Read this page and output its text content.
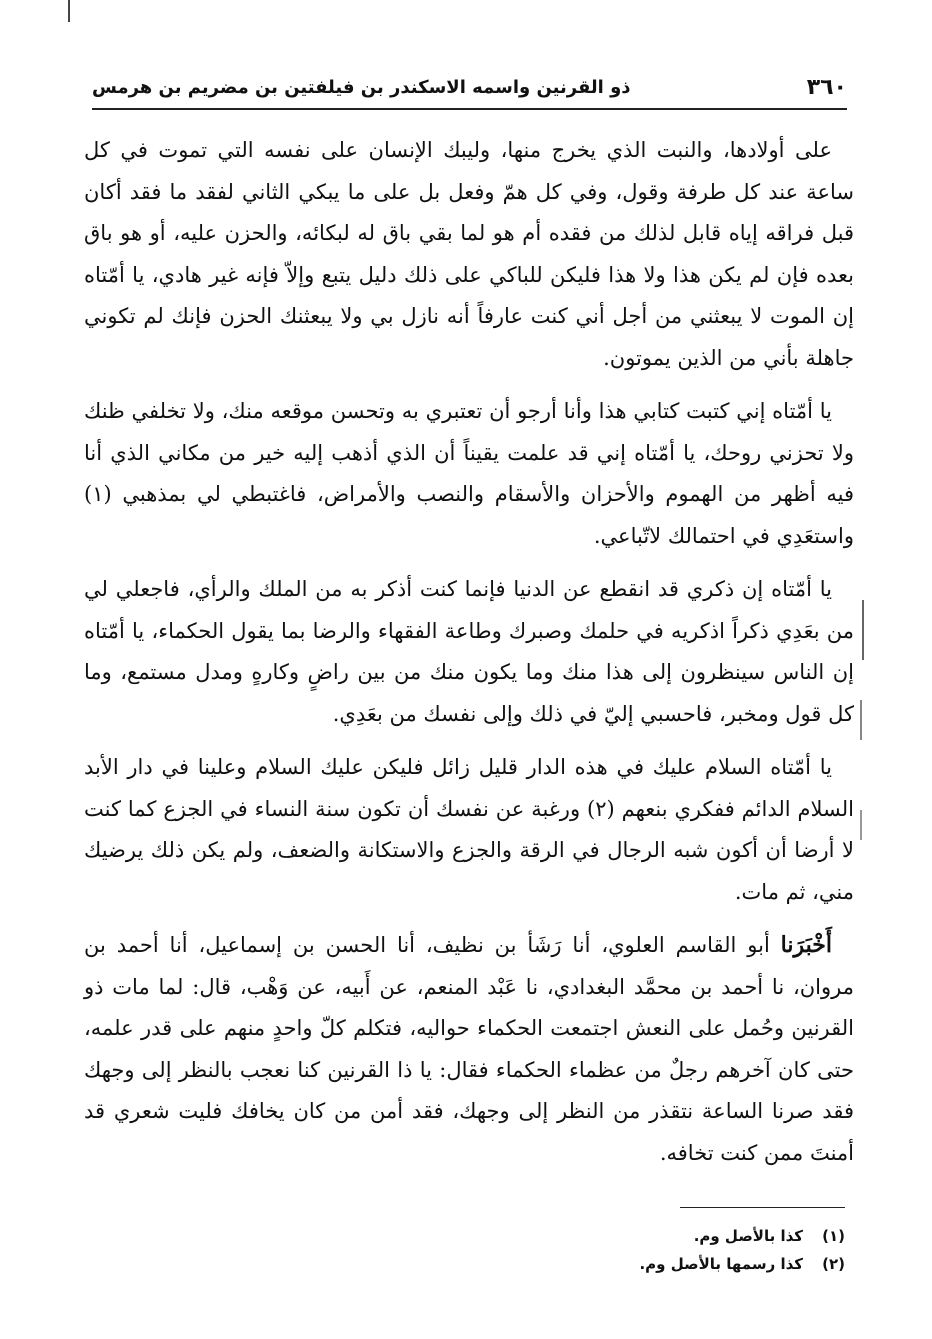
٣٦٠
ذو القرنين واسمه الاسكندر بن فيلفتين بن مضريم بن هرمس

على أولادها، والنبت الذي يخرج منها، وليبك الإنسان على نفسه التي تموت في كل ساعة عند كل طرفة وقول، وفي كل همّ وفعل بل على ما يبكي الثاني لفقد ما فقد أكان قبل فراقه إياه قابل لذلك من فقده أم هو لما بقي باق له لبكائه، والحزن عليه، أو هو باق بعده فإن لم يكن هذا ولا هذا فليكن للباكي على ذلك دليل يتبع وإلاّ فإنه غير هادي، يا أمّتاه إن الموت لا يبعثني من أجل أني كنت عارفاً أنه نازل بي ولا يبعثنك الحزن فإنك لم تكوني جاهلة بأني من الذين يموتون.

يا أمّتاه إني كتبت كتابي هذا وأنا أرجو أن تعتبري به وتحسن موقعه منك، ولا تخلفي ظنك ولا تحزني روحك، يا أمّتاه إني قد علمت يقيناً أن الذي أذهب إليه خير من مكاني الذي أنا فيه أظهر من الهموم والأحزان والأسقام والنصب والأمراض، فاغتبطي لي بمذهبي (١) واستعَدِي في احتمالك لاتّباعي.

يا أمّتاه إن ذكري قد انقطع عن الدنيا فإنما كنت أذكر به من الملك والرأي، فاجعلي لي من بعَدِي ذكراً اذكريه في حلمك وصبرك وطاعة الفقهاء والرضا بما يقول الحكماء، يا أمّتاه إن الناس سينظرون إلى هذا منك وما يكون منك من بين راضٍ وكارهٍ ومدل مستمع، وما كل قول ومخبر، فاحسبي إليّ في ذلك وإلى نفسك من بعَدِي.

يا أمّتاه السلام عليك في هذه الدار قليل زائل فليكن عليك السلام وعلينا في دار الأبد السلام الدائم ففكري بنعهم (٢) ورغبة عن نفسك أن تكون سنة النساء في الجزع كما كنت لا أرضا أن أكون شبه الرجال في الرقة والجزع والاستكانة والضعف، ولم يكن ذلك يرضيك مني، ثم مات.

أَخْبَرَنا أبو القاسم العلوي، أنا رَشَأ بن نظيف، أنا الحسن بن إسماعيل، أنا أحمد بن مروان، نا أحمد بن محمَّد البغدادي، نا عَبْد المنعم، عن أَبيه، عن وَهْب، قال: لما مات ذو القرنين وحُمل على النعش اجتمعت الحكماء حواليه، فتكلم كلّ واحدٍ منهم على قدر علمه، حتى كان آخرهم رجلٌ من عظماء الحكماء فقال: يا ذا القرنين كنا نعجب بالنظر إلى وجهك فقد صرنا الساعة نتقذر من النظر إلى وجهك، فقد أمن من كان يخافك فليت شعري قد أمنتَ ممن كنت تخافه.

(١)
كذا بالأصل وم.
(٢)
كذا رسمها بالأصل وم.
